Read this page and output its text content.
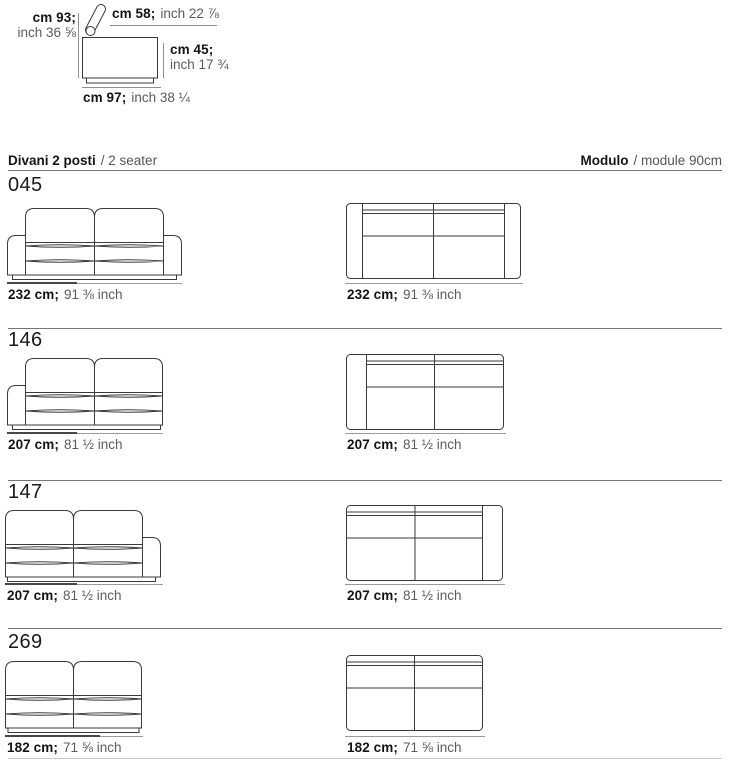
cm 93;
inch 36 ⅝
cm 58; inch 22 ⅞
cm 45;
inch 17 ¾
cm 97; inch 38 ¼
Divani 2 posti / 2 seater	Modulo / module 90cm
045
232 cm; 91 ⅜ inch	232 cm; 91 ⅜ inch
146
207 cm; 81 ½ inch	207 cm; 81 ½ inch
147
207 cm; 81 ½ inch	207 cm; 81 ½ inch
269
182 cm; 71 ⅝ inch	182 cm; 71 ⅝ inch
